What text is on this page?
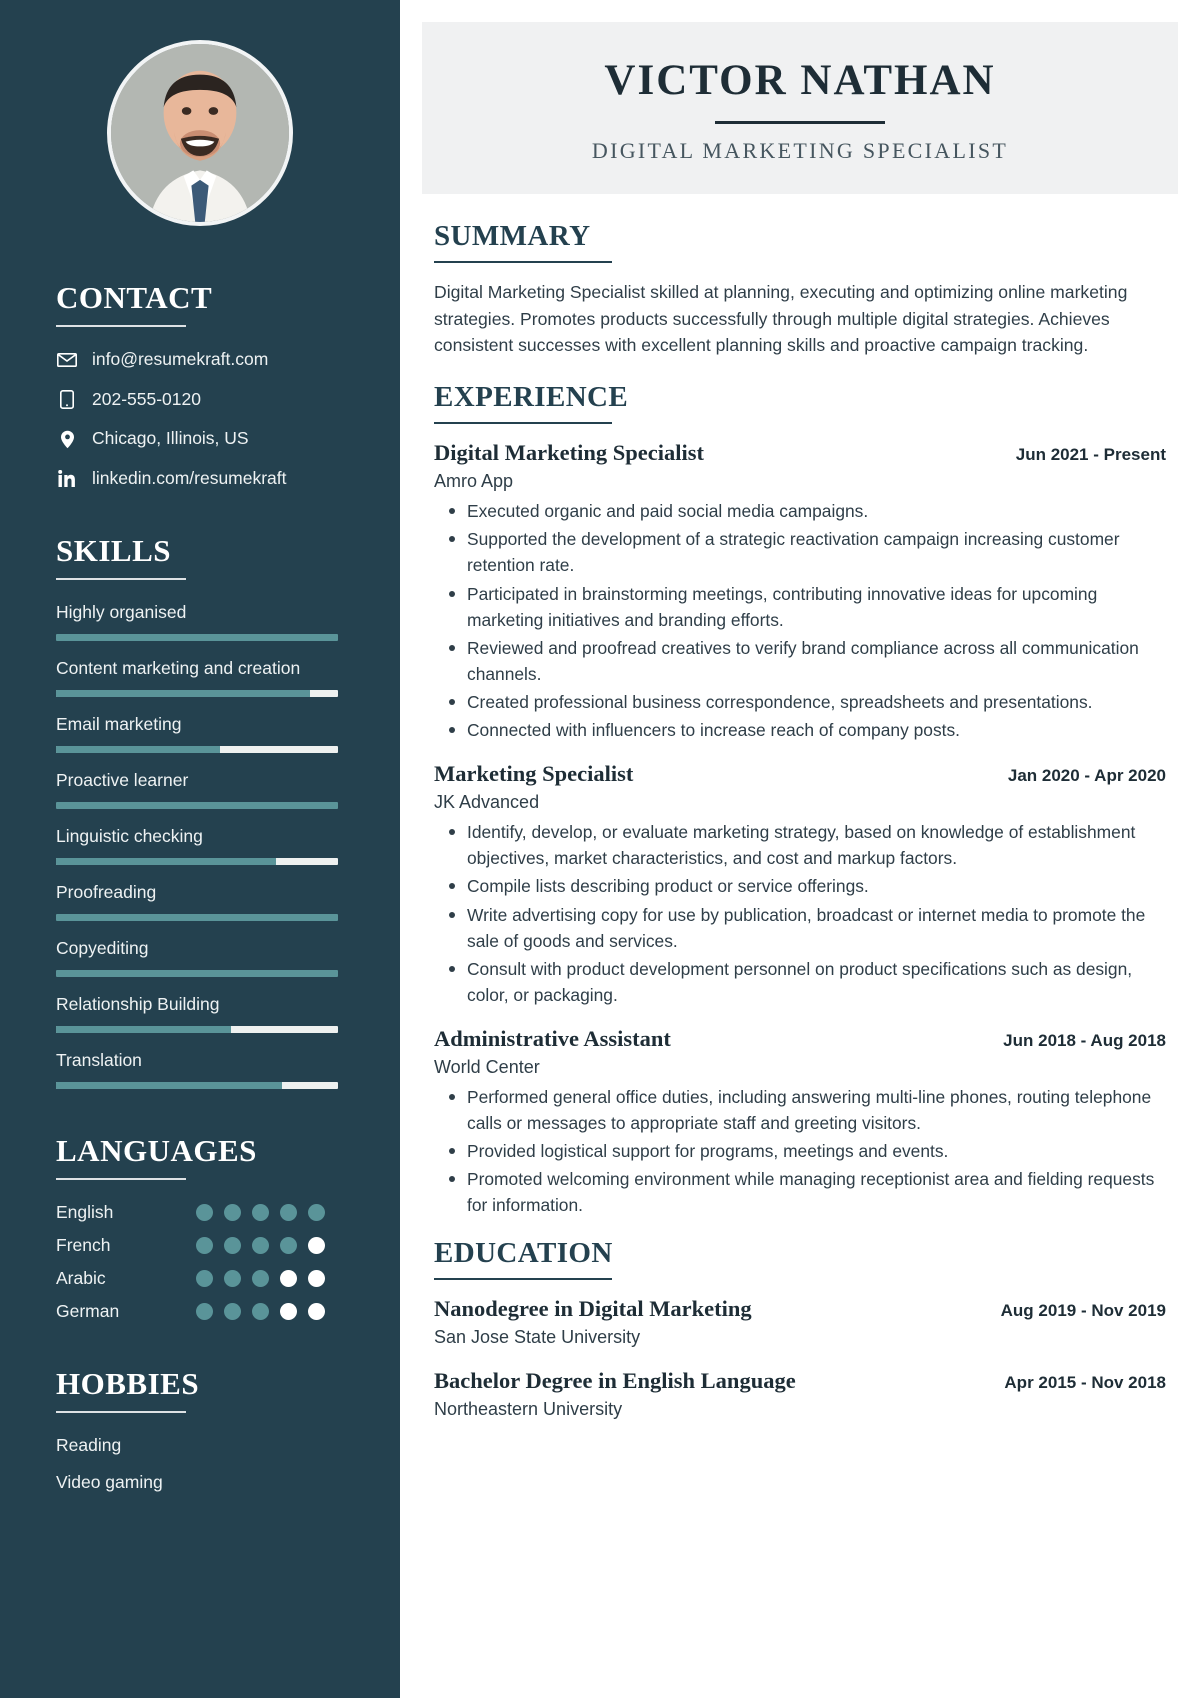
CONTACT
info@resumekraft.com
202-555-0120
Chicago, Illinois, US
linkedin.com/resumekraft
SKILLS
Highly organised
Content marketing and creation
Email marketing
Proactive learner
Linguistic checking
Proofreading
Copyediting
Relationship Building
Translation
LANGUAGES
English
French
Arabic
German
HOBBIES
Reading
Video gaming
VICTOR NATHAN
DIGITAL MARKETING SPECIALIST
SUMMARY

Digital Marketing Specialist skilled at planning, executing and optimizing online marketing strategies. Promotes products successfully through multiple digital strategies. Achieves consistent successes with excellent planning skills and proactive campaign tracking.

EXPERIENCE
Digital Marketing Specialist	Jun 2021 - Present
Amro App
Executed organic and paid social media campaigns.
Supported the development of a strategic reactivation campaign increasing customer retention rate.
Participated in brainstorming meetings, contributing innovative ideas for upcoming marketing initiatives and branding efforts.
Reviewed and proofread creatives to verify brand compliance across all communication channels.
Created professional business correspondence, spreadsheets and presentations.
Connected with influencers to increase reach of company posts.
Marketing Specialist	Jan 2020 - Apr 2020
JK Advanced
Identify, develop, or evaluate marketing strategy, based on knowledge of establishment objectives, market characteristics, and cost and markup factors.
Compile lists describing product or service offerings.
Write advertising copy for use by publication, broadcast or internet media to promote the sale of goods and services.
Consult with product development personnel on product specifications such as design, color, or packaging.
Administrative Assistant	Jun 2018 - Aug 2018
World Center
Performed general office duties, including answering multi-line phones, routing telephone calls or messages to appropriate staff and greeting visitors.
Provided logistical support for programs, meetings and events.
Promoted welcoming environment while managing receptionist area and fielding requests for information.
EDUCATION
Nanodegree in Digital Marketing	Aug 2019 - Nov 2019
San Jose State University
Bachelor Degree in English Language	Apr 2015 - Nov 2018
Northeastern University
